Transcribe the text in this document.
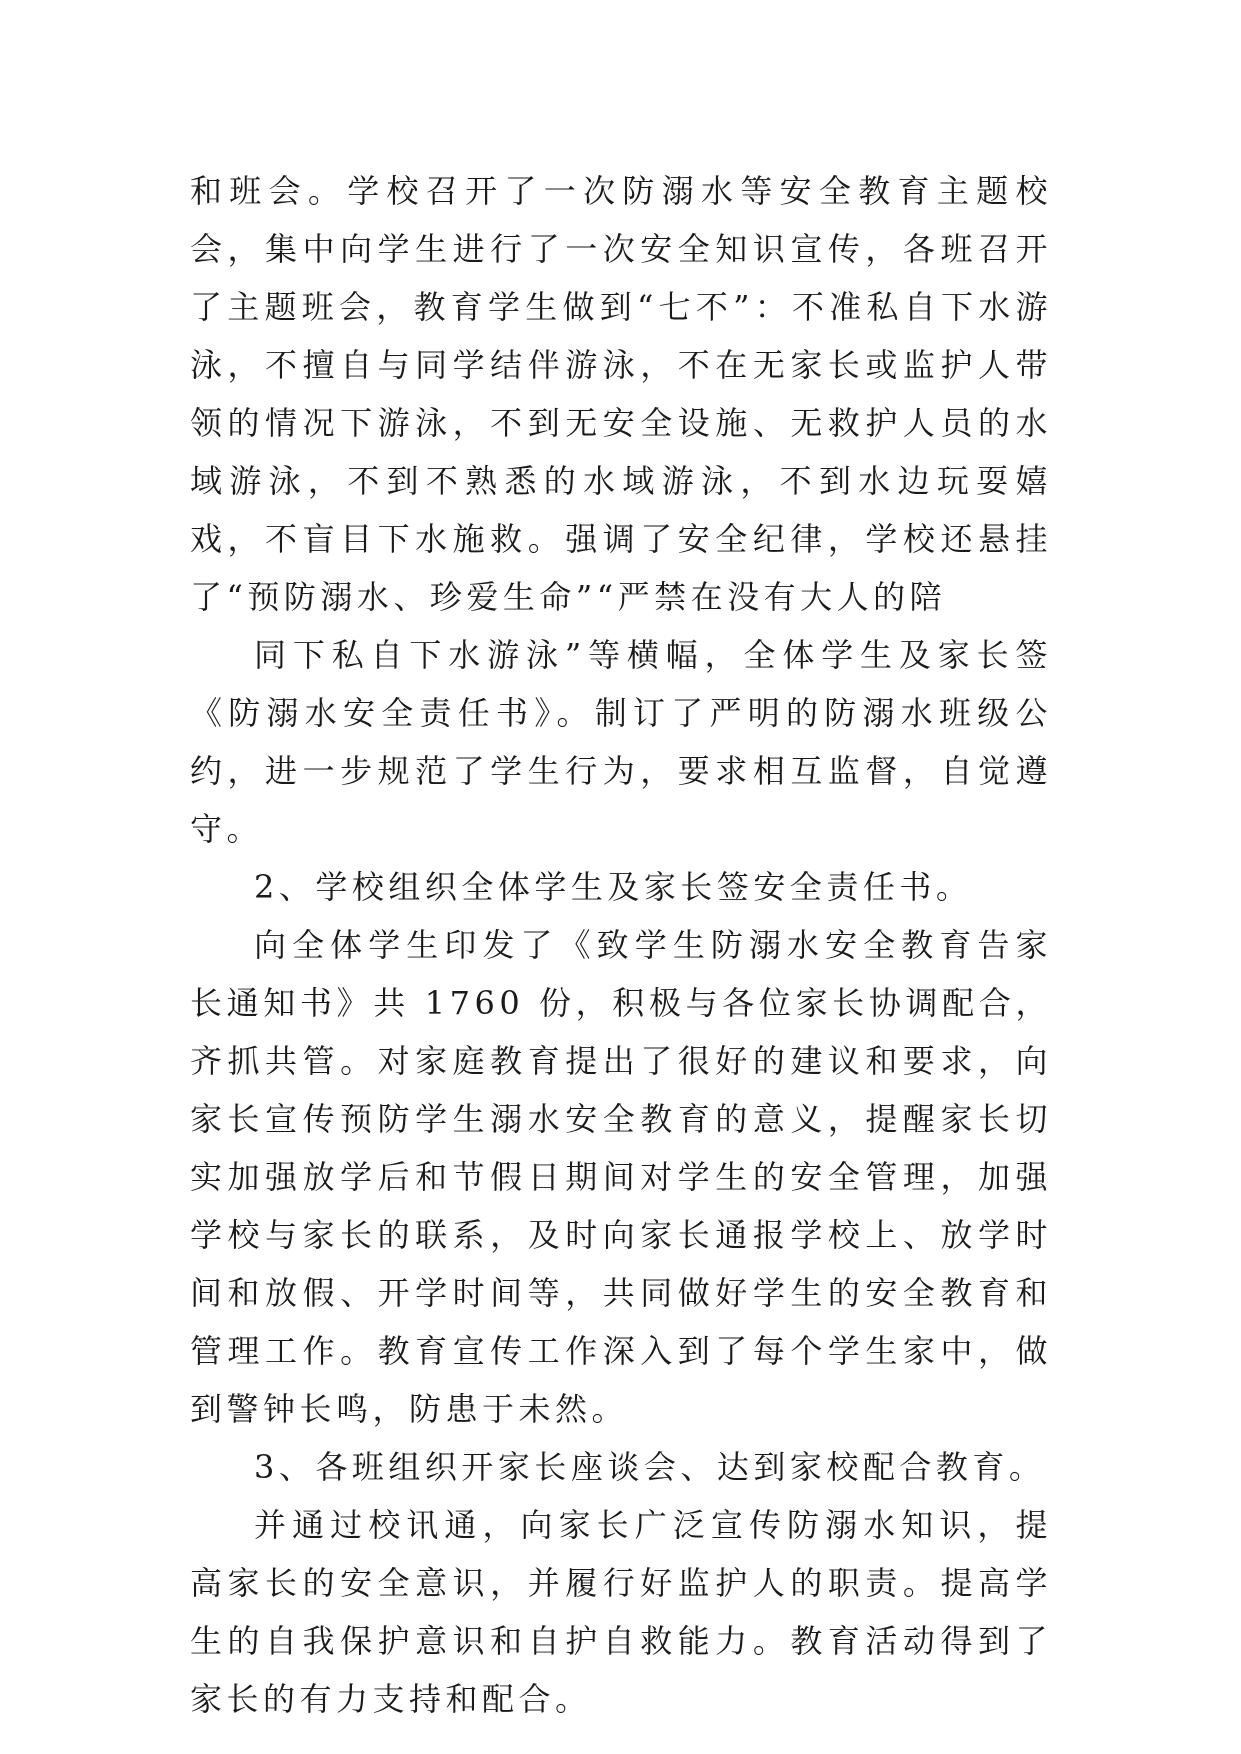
和班会。学校召开了一次防溺水等安全教育主题校会，集中向学生进行了一次安全知识宣传，各班召开了主题班会，教育学生做到“七不”：不准私自下水游泳，不擅自与同学结伴游泳，不在无家长或监护人带领的情况下游泳，不到无安全设施、无救护人员的水域游泳，不到不熟悉的水域游泳，不到水边玩耍嬉戏，不盲目下水施救。强调了安全纪律，学校还悬挂了“预防溺水、珍爱生命”“严禁在没有大人的陪

同下私自下水游泳”等横幅，全体学生及家长签《防溺水安全责任书》。制订了严明的防溺水班级公约，进一步规范了学生行为，要求相互监督，自觉遵守。

2、学校组织全体学生及家长签安全责任书。

向全体学生印发了《致学生防溺水安全教育告家长通知书》共 1760 份，积极与各位家长协调配合，齐抓共管。对家庭教育提出了很好的建议和要求，向家长宣传预防学生溺水安全教育的意义，提醒家长切实加强放学后和节假日期间对学生的安全管理，加强学校与家长的联系，及时向家长通报学校上、放学时间和放假、开学时间等，共同做好学生的安全教育和管理工作。教育宣传工作深入到了每个学生家中，做到警钟长鸣，防患于未然。

3、各班组织开家长座谈会、达到家校配合教育。

并通过校讯通，向家长广泛宣传防溺水知识，提高家长的安全意识，并履行好监护人的职责。提高学生的自我保护意识和自护自救能力。教育活动得到了家长的有力支持和配合。
